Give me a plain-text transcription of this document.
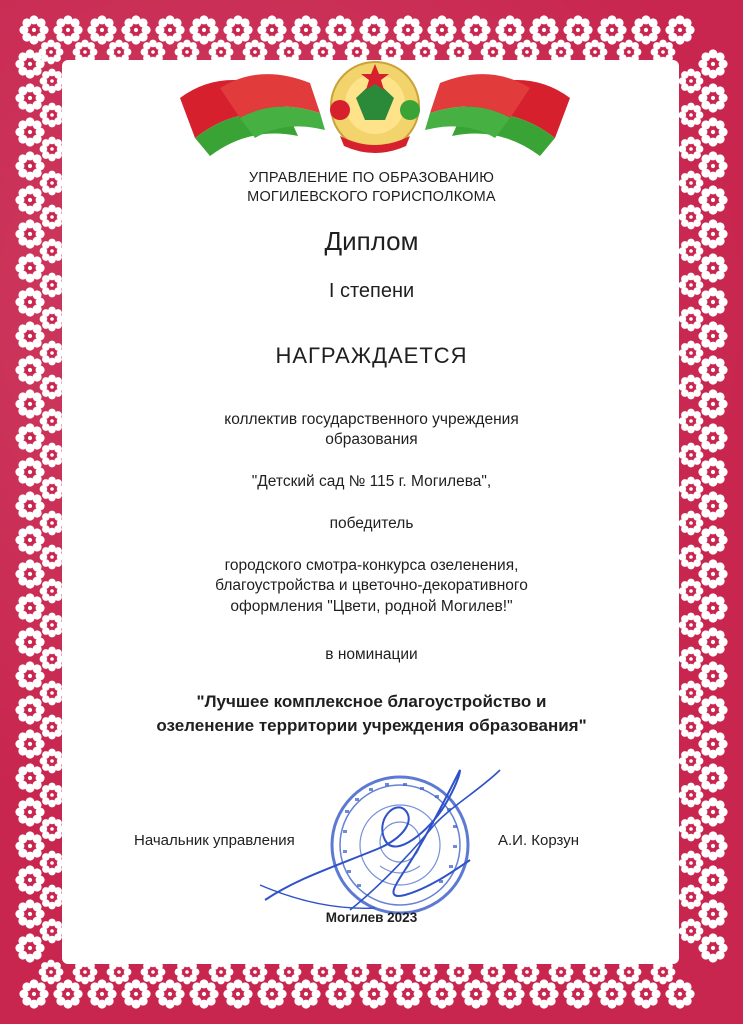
УПРАВЛЕНИЕ ПО ОБРАЗОВАНИЮ
МОГИЛЕВСКОГО ГОРИСПОЛКОМА
Диплом
I степени
НАГРАЖДАЕТСЯ
коллектив государственного учреждения
образования
"Детский сад № 115 г. Могилева",
победитель
городского смотра-конкурса озеленения,
благоустройства и цветочно-декоративного
оформления "Цвети, родной Могилев!"
в номинации
"Лучшее комплексное благоустройство и
озеленение территории учреждения образования"
Начальник управления	А.И. Корзун
Могилев 2023
